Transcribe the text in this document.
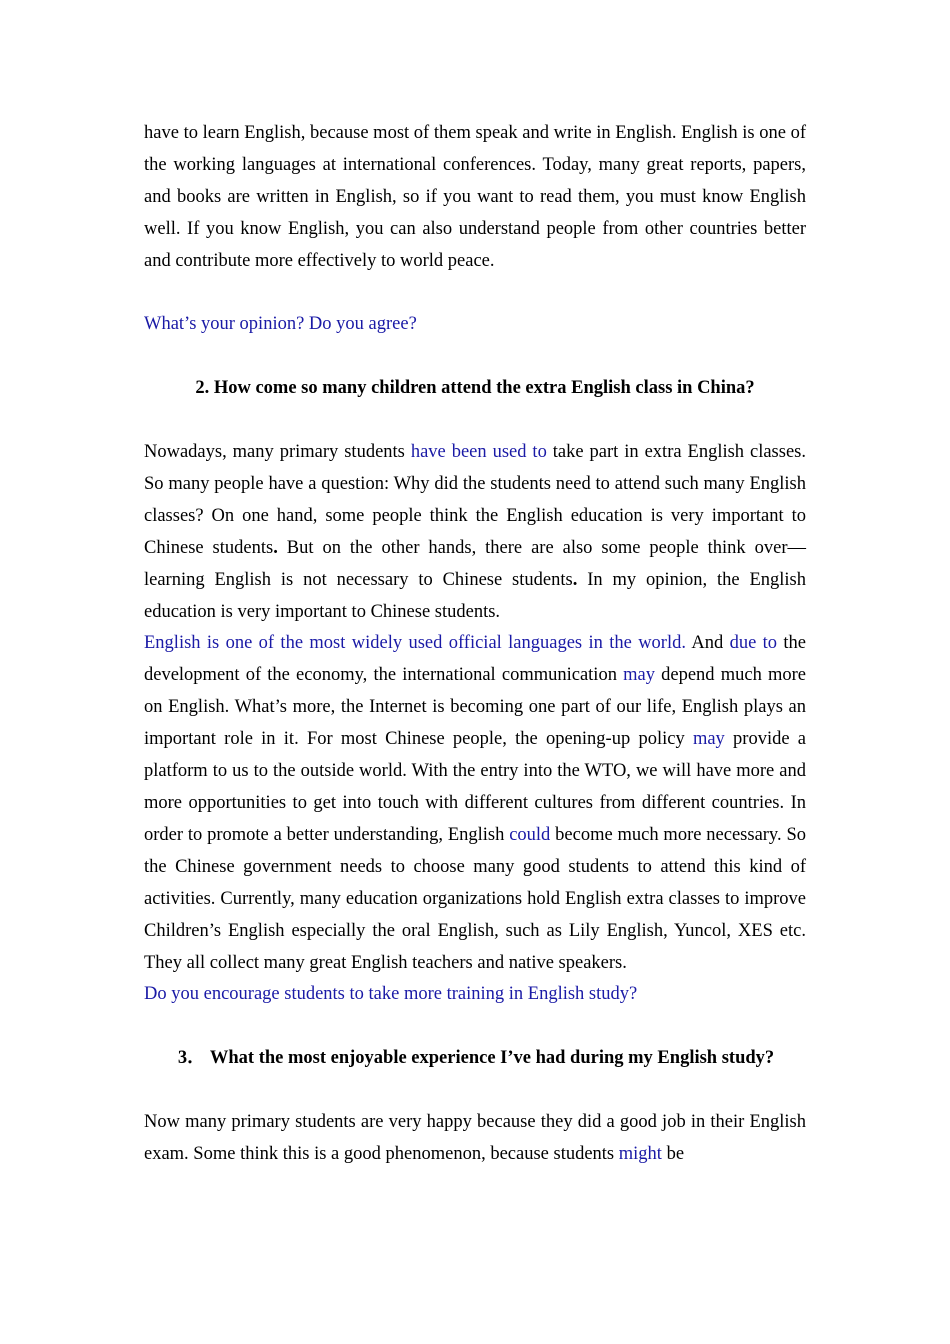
have to learn English, because most of them speak and write in English. English is one of the working languages at international conferences. Today, many great reports, papers, and books are written in English, so if you want to read them, you must know English well. If you know English, you can also understand people from other countries better and contribute more effectively to world peace.

What’s your opinion? Do you agree?

2. How come so many children attend the extra English class in China?

Nowadays, many primary students have been used to take part in extra English classes. So many people have a question: Why did the students need to attend such many English classes? On one hand, some people think the English education is very important to Chinese students. But on the other hands, there are also some people think over—learning English is not necessary to Chinese students. In my opinion, the English education is very important to Chinese students.

English is one of the most widely used official languages in the world. And due to the development of the economy, the international communication may depend much more on English. What’s more, the Internet is becoming one part of our life, English plays an important role in it. For most Chinese people, the opening-up policy may provide a platform to us to the outside world. With the entry into the WTO, we will have more and more opportunities to get into touch with different cultures from different countries. In order to promote a better understanding, English could become much more necessary. So the Chinese government needs to choose many good students to attend this kind of activities. Currently, many education organizations hold English extra classes to improve Children’s English especially the oral English, such as Lily English, Yuncol, XES etc. They all collect many great English teachers and native speakers.

Do you encourage students to take more training in English study?

3． What the most enjoyable experience I’ve had during my English study?

Now many primary students are very happy because they did a good job in their English exam. Some think this is a good phenomenon, because students might be
